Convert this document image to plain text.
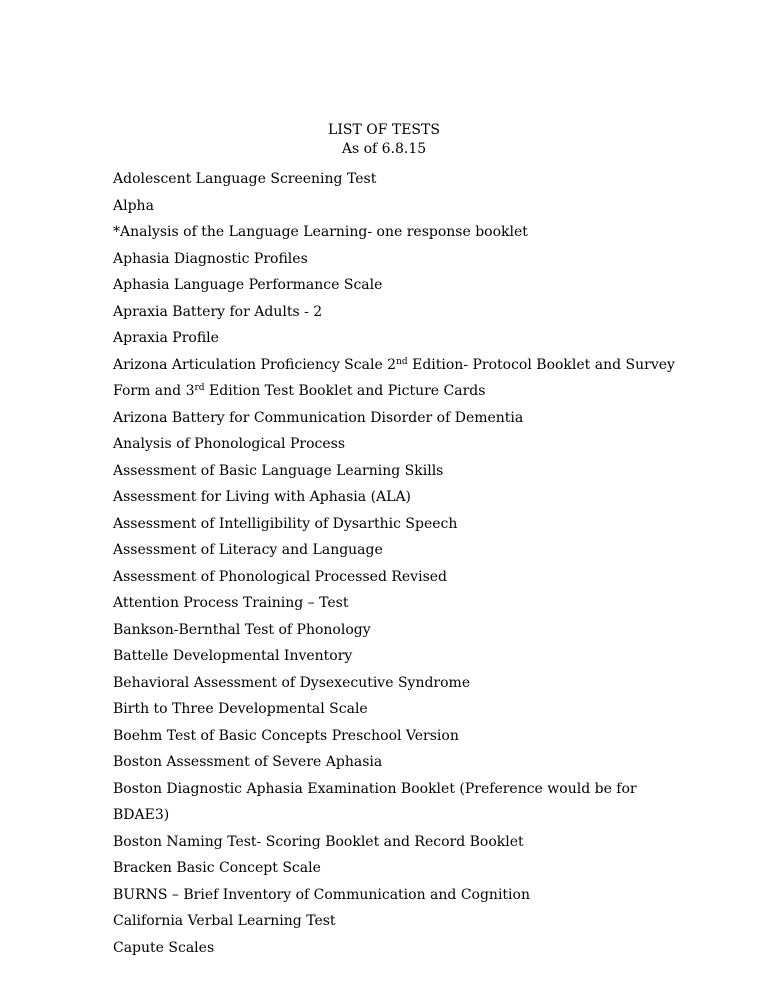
LIST OF TESTS
As of 6.8.15
Adolescent Language Screening Test
Alpha
*Analysis of the Language Learning- one response booklet
Aphasia Diagnostic Profiles
Aphasia Language Performance Scale
Apraxia Battery for Adults - 2
Apraxia Profile
Arizona Articulation Proficiency Scale 2nd Edition- Protocol Booklet and Survey
Form and 3rd Edition Test Booklet and Picture Cards
Arizona Battery for Communication Disorder of Dementia
Analysis of Phonological Process
Assessment of Basic Language Learning Skills
Assessment for Living with Aphasia (ALA)
Assessment of Intelligibility of Dysarthic Speech
Assessment of Literacy and Language
Assessment of Phonological Processed Revised
Attention Process Training – Test
Bankson-Bernthal Test of Phonology
Battelle Developmental Inventory
Behavioral Assessment of Dysexecutive Syndrome
Birth to Three Developmental Scale
Boehm Test of Basic Concepts Preschool Version
Boston Assessment of Severe Aphasia
Boston Diagnostic Aphasia Examination Booklet (Preference would be for
BDAE3)
Boston Naming Test- Scoring Booklet and Record Booklet
Bracken Basic Concept Scale
BURNS – Brief Inventory of Communication and Cognition
California Verbal Learning Test
Capute Scales
